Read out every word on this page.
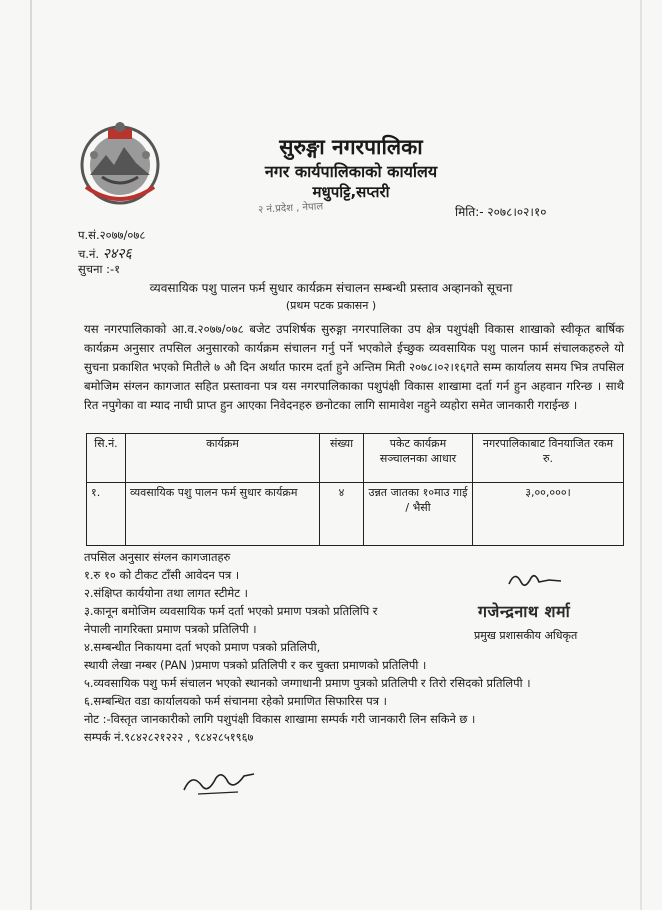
सुरुङ्गा नगरपालिका
नगर कार्यपालिकाको कार्यालय
मधुपट्टि,सप्तरी
२ नं.प्रदेश , नेपाल	मिति:- २०७८।०२।१०
प.सं.२०७७/०७८
च.नं. २४२६
सुचना :-१
व्यवसायिक पशु पालन फर्म सुधार कार्यक्रम संचालन सम्बन्धी प्रस्ताव अव्हानको सूचना
(प्रथम पटक प्रकासन )
यस नगरपालिकाको आ.व.२०७७/०७८ बजेट उपशिर्षक सुरुङ्गा नगरपालिका उप क्षेत्र पशुपंक्षी विकास शाखाको स्वीकृत बार्षिक कार्यक्रम अनुसार तपसिल अनुसारको कार्यक्रम संचालन गर्नु पर्ने भएकोले ईच्छुक व्यवसायिक पशु पालन फार्म संचालकहरुले यो सुचना प्रकाशित भएको मितीले ७ औ दिन अर्थात फारम दर्ता हुने अन्तिम मिती २०७८।०२।१६गते सम्म कार्यालय समय भित्र तपसिल बमोजिम संग्लन कागजात सहित प्रस्तावना पत्र यस नगरपालिकाका पशुपंक्षी विकास शाखामा दर्ता गर्न हुन अहवान गरिन्छ । साथै रित नपुगेका वा म्याद नाघी प्राप्त हुन आएका निवेदनहरु छनोटका लागि सामावेश नहुने व्यहोरा समेत जानकारी गराईन्छ ।
सि.नं.	कार्यक्रम	संख्या	पकेट कार्यक्रम सञ्चालनका आधार	नगरपालिकाबाट विनयाजित रकम रु.
१.	व्यवसायिक पशु पालन फर्म सुधार कार्यक्रम	४	उन्नत जातका १०माउ गाई / भैसी	३,००,०००।
तपसिल अनुसार संग्लन कागजातहरु
१.रु १० को टीकट टाँसी आवेदन पत्र ।
२.संक्षिप्त कार्ययोना तथा लागत स्टीमेट ।
३.कानून बमोजिम व्यवसायिक फर्म दर्ता भएको प्रमाण पत्रको प्रतिलिपि र
नेपाली नागरिक्ता प्रमाण पत्रको प्रतिलिपी ।
४.सम्बन्धीत निकायमा दर्ता भएको प्रमाण पत्रको प्रतिलिपी,
स्थायी लेखा नम्बर (PAN )प्रमाण पत्रको प्रतिलिपी र कर चुक्ता प्रमाणको प्रतिलिपी ।
५.व्यवसायिक पशु फर्म संचालन भएको स्थानको जग्गाधानी प्रमाण पुत्रको प्रतिलिपी र तिरो रसिदको प्रतिलिपी ।
६.सम्बन्धित वडा कार्यालयको फर्म संचानमा रहेको प्रमाणित सिफारिस पत्र ।
नोट :-विस्तृत जानकारीको लागि पशुपंक्षी विकास शाखामा सम्पर्क गरी जानकारी लिन सकिने छ ।
सम्पर्क नं.९८४२८२१२२२ , ९८४२८५१९६७
गजेन्द्रनाथ शर्मा
प्रमुख प्रशासकीय अधिकृत
